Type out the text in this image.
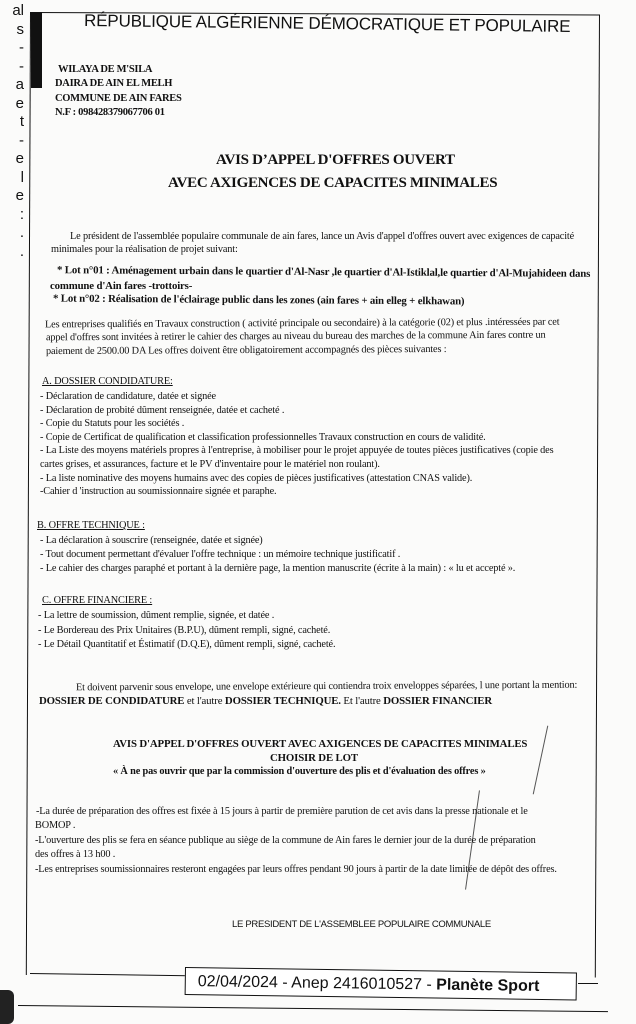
al
s
-
-
a
e
t
-
e
l
e
:
.
.
RÉPUBLIQUE ALGÉRIENNE DÉMOCRATIQUE ET POPULAIRE
WILAYA DE M'SILA
DAIRA DE AIN EL MELH
COMMUNE DE AIN FARES
N.F : 098428379067706 01
AVIS D’APPEL D'OFFRES OUVERT
AVEC AXIGENCES DE CAPACITES MINIMALES
Le président de l'assemblée populaire communale de ain fares, lance un Avis d'appel d'offres ouvert avec exigences de capacité
minimales pour la réalisation de projet suivant:
* Lot n°01 : Aménagement urbain dans le quartier d'Al-Nasr ,le quartier d'Al-Istiklal,le quartier d'Al-Mujahideen dans
commune d'Ain fares -trottoirs-
* Lot n°02 : Réalisation de l'éclairage public dans les zones (ain fares + ain elleg + elkhawan)
Les entreprises qualifiés en Travaux construction ( activité principale ou secondaire) à la catégorie (02) et plus .intéressées par cet
appel d'offres sont invitées à retirer le cahier des charges au niveau du bureau des marches de la commune Ain fares contre un
paiement de 2500.00 DA Les offres doivent être obligatoirement accompagnés des pièces suivantes :
A. DOSSIER CONDIDATURE:
- Déclaration de candidature, datée et signée
- Déclaration de probité dûment renseignée, datée et cacheté .
- Copie du Statuts pour les sociétés .
- Copie de Certificat de qualification et classification professionnelles Travaux construction en cours de validité.
- La Liste des moyens matériels propres à l'entreprise, à mobiliser pour le projet appuyée de toutes pièces justificatives (copie des
cartes grises, et assurances, facture et le PV d'inventaire pour le matériel non roulant).
- La liste nominative des moyens humains avec des copies de pièces justificatives (attestation CNAS valide).
-Cahier d 'instruction au soumissionnaire signée et paraphe.
B. OFFRE TECHNIQUE :
- La déclaration à souscrire (renseignée, datée et signée)
- Tout document permettant d'évaluer l'offre technique : un mémoire technique justificatif .
- Le cahier des charges paraphé et portant à la dernière page, la mention manuscrite (écrite à la main) : « lu et accepté ».
C. OFFRE FINANCIERE :
- La lettre de soumission, dûment remplie, signée, et datée .
- Le Bordereau des Prix Unitaires (B.P.U), dûment rempli, signé, cacheté.
- Le Détail Quantitatif et Éstimatif (D.Q.E), dûment rempli, signé, cacheté.
Et doivent parvenir sous envelope, une envelope extérieure qui contiendra troix enveloppes séparées, l une portant la mention:
DOSSIER DE CONDIDATURE et l'autre DOSSIER TECHNIQUE. Et l'autre DOSSIER FINANCIER
AVIS D'APPEL D'OFFRES OUVERT AVEC AXIGENCES DE CAPACITES MINIMALES
CHOISIR DE LOT
« À ne pas ouvrir que par la commission d'ouverture des plis et d'évaluation des offres »
-La durée de préparation des offres est fixée à 15 jours à partir de première parution de cet avis dans la presse nationale et le
BOMOP .
-L'ouverture des plis se fera en séance publique au siège de la commune de Ain fares le dernier jour de la durée de préparation
des offres à 13 h00 .
-Les entreprises soumissionnaires resteront engagées par leurs offres pendant 90 jours à partir de la date limitée de dépôt des offres.
LE PRESIDENT DE L'ASSEMBLEE POPULAIRE COMMUNALE
02/04/2024 - Anep 2416010527 - Planète Sport
